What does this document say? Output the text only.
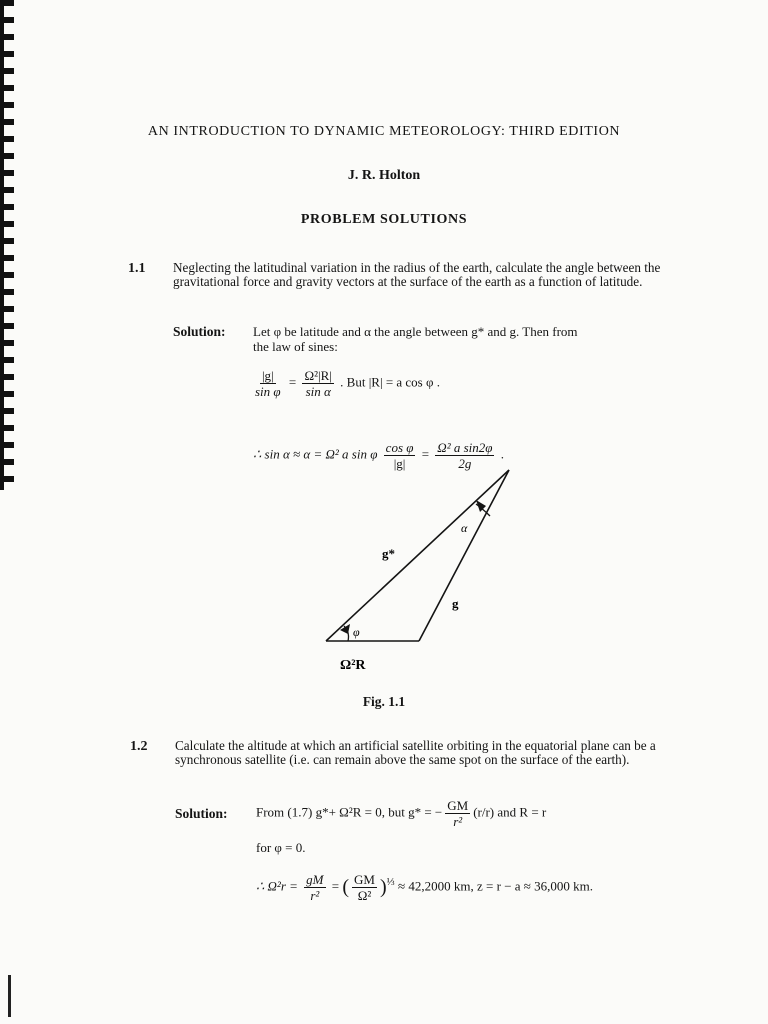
AN INTRODUCTION TO DYNAMIC METEOROLOGY: THIRD EDITION
J. R. Holton
PROBLEM SOLUTIONS
1.1 Neglecting the latitudinal variation in the radius of the earth, calculate the angle between the gravitational force and gravity vectors at the surface of the earth as a function of latitude.
Solution: Let φ be latitude and α the angle between g* and g. Then from
the law of sines:
$\frac{|g|}{\text{sin φ}} = \frac{\text{Ω²|R|}}{\text{sin α}}$ . But |R| = a cos φ .
∴ sin α ≈ α = Ω² a sin φ $\frac{\text{cos φ}}{|g|} = \frac{\text{Ω² a sin2φ}}{2g}$ .
g*
g
α
φ
Ω²R
Fig. 1.1
1.2 Calculate the altitude at which an artificial satellite orbiting in the equatorial plane can be a synchronous satellite (i.e. can remain above the same spot on the surface of the earth).
Solution: From (1.7) g*+ Ω²R = 0, but g* = − $\frac{GM}{\text{r²}} (r/r)$ and R = r
for φ = 0.
∴ $\Omega^2r = \frac{gM}{\text{r²}}$ = ( $\frac{GM}{\text{Ω²}} )^{\frac{1}{3}} \approx 42,2000$ km, z = r − a ≈ 36,000 km.
